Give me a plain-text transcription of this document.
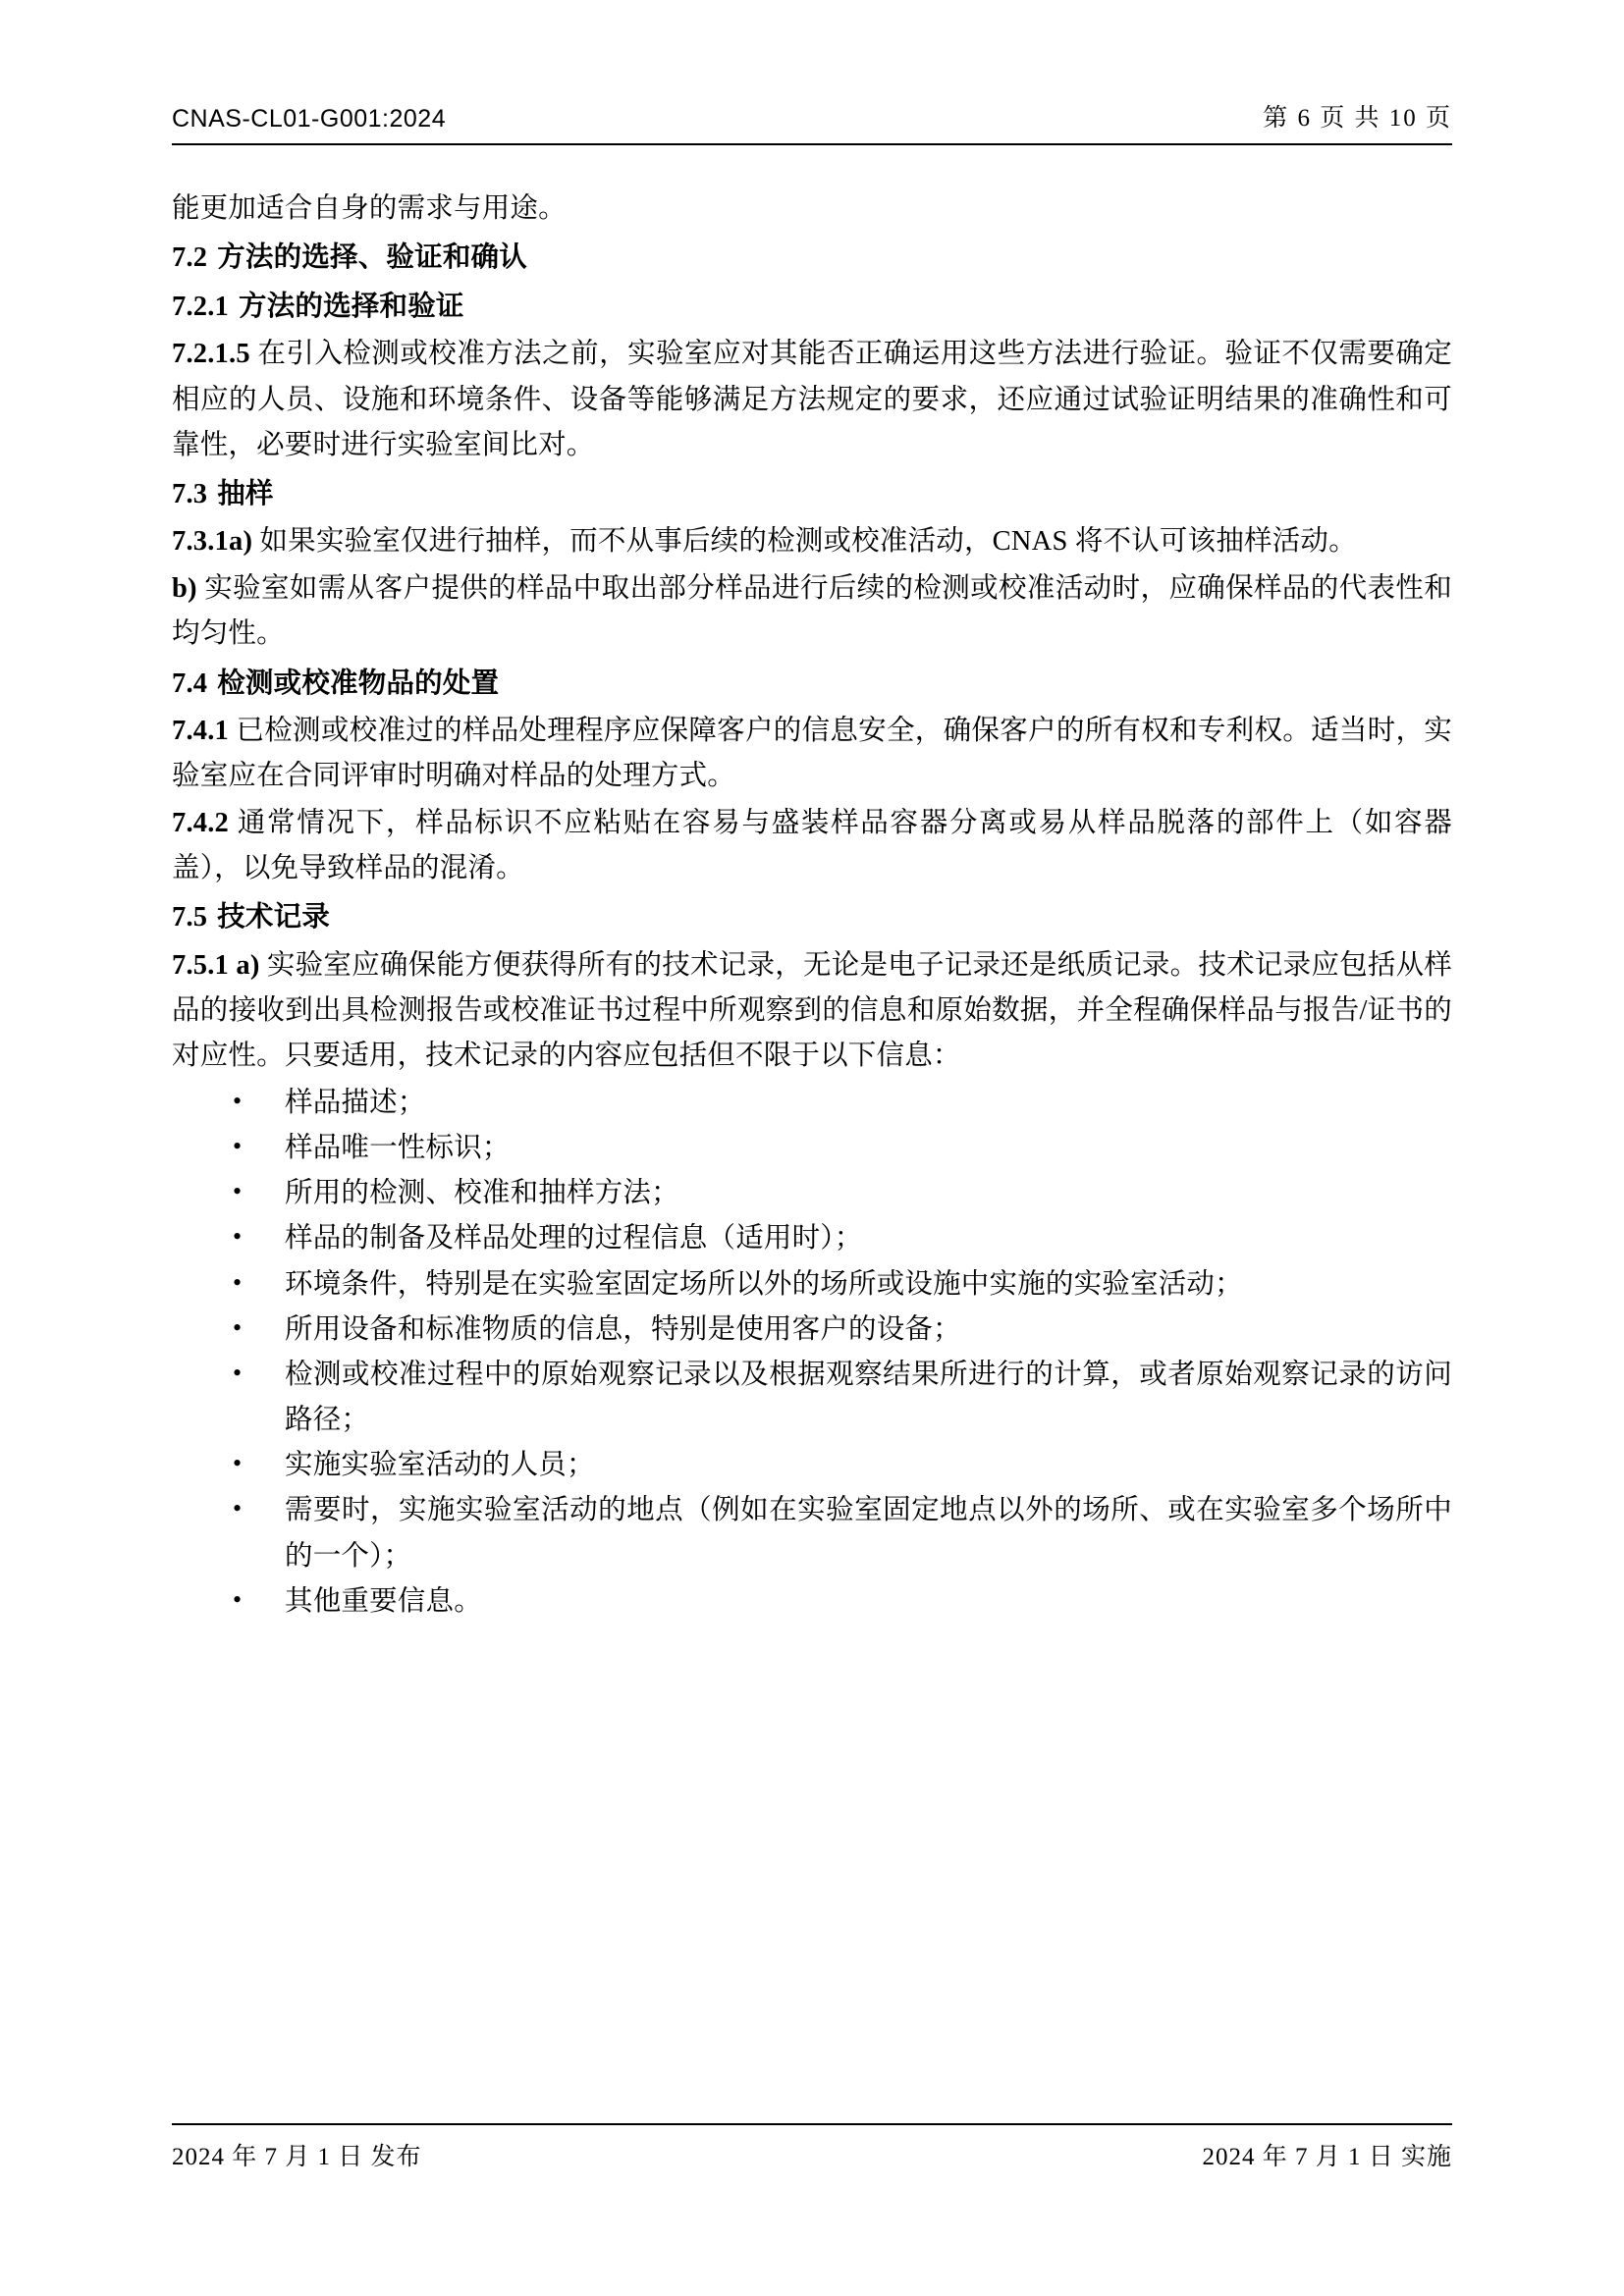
CNAS-CL01-G001:2024	第 6 页 共 10 页

能更加适合自身的需求与用途。

7.2 方法的选择、验证和确认

7.2.1 方法的选择和验证

7.2.1.5 在引入检测或校准方法之前，实验室应对其能否正确运用这些方法进行验证。验证不仅需要确定相应的人员、设施和环境条件、设备等能够满足方法规定的要求，还应通过试验证明结果的准确性和可靠性，必要时进行实验室间比对。

7.3 抽样

7.3.1a) 如果实验室仅进行抽样，而不从事后续的检测或校准活动，CNAS 将不认可该抽样活动。

b) 实验室如需从客户提供的样品中取出部分样品进行后续的检测或校准活动时，应确保样品的代表性和均匀性。

7.4 检测或校准物品的处置

7.4.1 已检测或校准过的样品处理程序应保障客户的信息安全，确保客户的所有权和专利权。适当时，实验室应在合同评审时明确对样品的处理方式。

7.4.2 通常情况下，样品标识不应粘贴在容易与盛装样品容器分离或易从样品脱落的部件上（如容器盖），以免导致样品的混淆。

7.5 技术记录

7.5.1 a) 实验室应确保能方便获得所有的技术记录，无论是电子记录还是纸质记录。技术记录应包括从样品的接收到出具检测报告或校准证书过程中所观察到的信息和原始数据，并全程确保样品与报告/证书的对应性。只要适用，技术记录的内容应包括但不限于以下信息：

• 样品描述；
• 样品唯一性标识；
• 所用的检测、校准和抽样方法；
• 样品的制备及样品处理的过程信息（适用时）；
• 环境条件，特别是在实验室固定场所以外的场所或设施中实施的实验室活动；
• 所用设备和标准物质的信息，特别是使用客户的设备；
• 检测或校准过程中的原始观察记录以及根据观察结果所进行的计算，或者原始观察记录的访问路径；
• 实施实验室活动的人员；
• 需要时，实施实验室活动的地点（例如在实验室固定地点以外的场所、或在实验室多个场所中的一个）；
• 其他重要信息。
2024 年 7 月 1 日 发布	2024 年 7 月 1 日 实施
